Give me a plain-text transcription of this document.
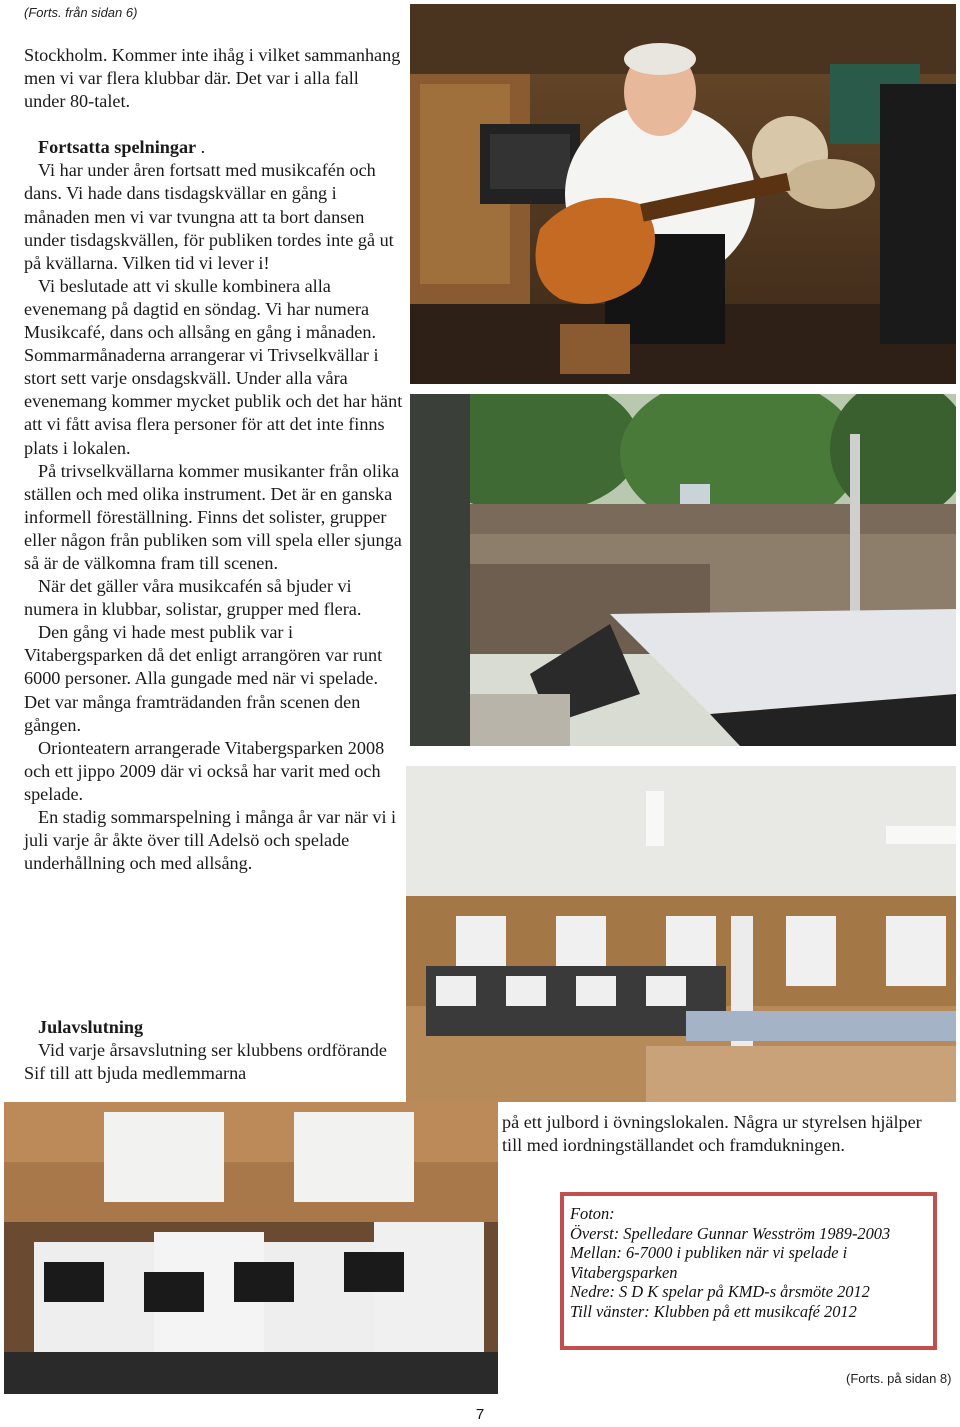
(Forts. från sidan 6)

Stockholm. Kommer inte ihåg i vilket sammanhang men vi var flera klubbar där. Det var i alla fall under 80-talet.

Fortsatta spelningar .

Vi har under åren fortsatt med musikcafén och dans. Vi hade dans tisdagskvällar en gång i månaden men vi var tvungna att ta bort dansen under tisdagskvällen, för publiken tordes inte gå ut på kvällarna. Vilken tid vi lever i!

Vi beslutade att vi skulle kombinera alla evenemang på dagtid en söndag. Vi har numera Musikcafé, dans och allsång en gång i månaden. Sommarmånaderna arrangerar vi Trivselkvällar i stort sett varje onsdagskväll. Under alla våra evenemang kommer mycket publik och det har hänt att vi fått avisa flera personer för att det inte finns plats i lokalen.

På trivselkvällarna kommer musikanter från olika ställen och med olika instrument. Det är en ganska informell föreställning. Finns det solister, grupper eller någon från publiken som vill spela eller sjunga så är de välkomna fram till scenen.

När det gäller våra musikcafén så bjuder vi numera in klubbar, solistar, grupper med flera.

Den gång vi hade mest publik var i Vitabergsparken då det enligt arrangören var runt 6000 personer. Alla gungade med när vi spelade. Det var många framträdanden från scenen den gången.

Orionteatern arrangerade Vitabergsparken 2008 och ett jippo 2009 där vi också har varit med och spelade.

En stadig sommarspelning i många år var när vi i juli varje år åkte över till Adelsö och spelade underhållning och med allsång.

Julavslutning

Vid varje årsavslutning ser klubbens ordförande Sif till att bjuda medlemmarna

på ett julbord i övningslokalen. Några ur styrelsen hjälper till med iordningställandet och framdukningen.
Foton:
Överst: Spelledare Gunnar Wesström 1989-2003
Mellan: 6-7000 i publiken när vi spelade i Vitabergsparken
Nedre: S D K spelar på KMD-s årsmöte 2012
Till vänster: Klubben på ett musikcafé 2012
(Forts. på sidan 8)
7
